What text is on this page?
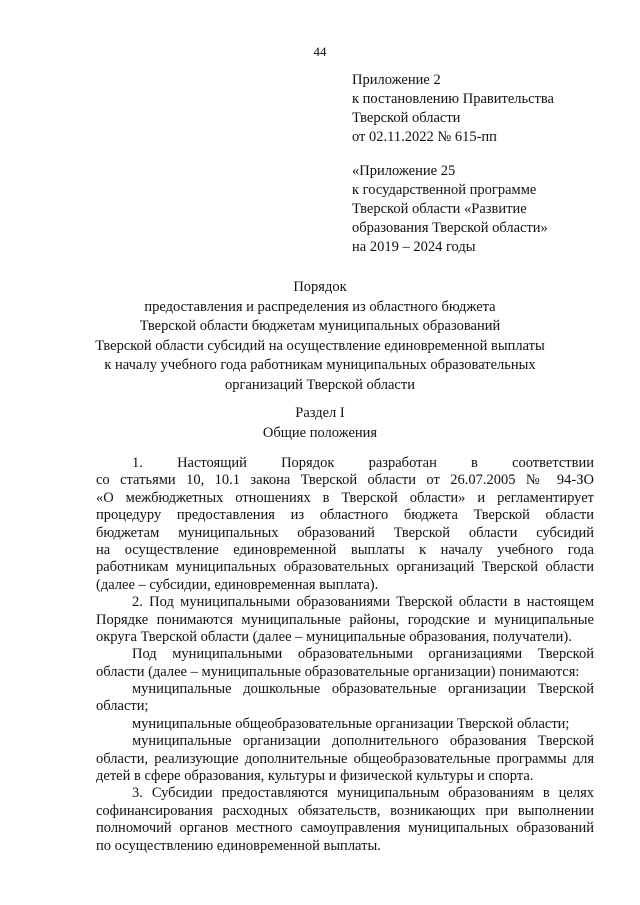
44
Приложение 2
к постановлению Правительства
Тверской области
от 02.11.2022 № 615-пп
«Приложение 25
к государственной программе
Тверской области «Развитие
образования Тверской области»
на 2019 – 2024 годы
Порядок
предоставления и распределения из областного бюджета
Тверской области бюджетам муниципальных образований
Тверской области субсидий на осуществление единовременной выплаты
к началу учебного года работникам муниципальных образовательных
организаций Тверской области
Раздел I
Общие положения
1. Настоящий Порядок разработан в соответствии
со статьями 10, 10.1 закона Тверской области от 26.07.2005 № 94-ЗО
«О межбюджетных отношениях в Тверской области» и регламентирует
процедуру предоставления из областного бюджета Тверской области
бюджетам муниципальных образований Тверской области субсидий
на осуществление единовременной выплаты к началу учебного года
работникам муниципальных образовательных организаций Тверской области
(далее – субсидии, единовременная выплата).
2. Под муниципальными образованиями Тверской области в настоящем
Порядке понимаются муниципальные районы, городские и муниципальные
округа Тверской области (далее – муниципальные образования, получатели).
Под муниципальными образовательными организациями Тверской
области (далее – муниципальные образовательные организации) понимаются:
муниципальные дошкольные образовательные организации Тверской
области;
муниципальные общеобразовательные организации Тверской области;
муниципальные организации дополнительного образования Тверской
области, реализующие дополнительные общеобразовательные программы для
детей в сфере образования, культуры и физической культуры и спорта.
3. Субсидии предоставляются муниципальным образованиям в целях
софинансирования расходных обязательств, возникающих при выполнении
полномочий органов местного самоуправления муниципальных образований
по осуществлению единовременной выплаты.
